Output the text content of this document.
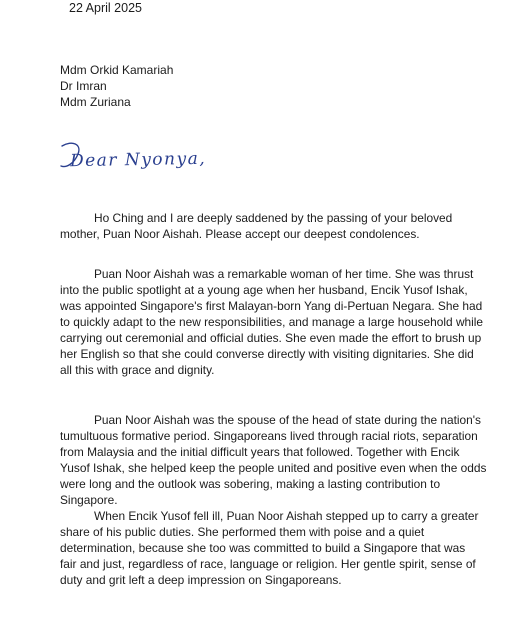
22 April 2025
Mdm Orkid Kamariah
Dr Imran
Mdm Zuriana
Dear Nyonya,

Ho Ching and I are deeply saddened by the passing of your beloved
mother, Puan Noor Aishah. Please accept our deepest condolences.

Puan Noor Aishah was a remarkable woman of her time. She was thrust
into the public spotlight at a young age when her husband, Encik Yusof Ishak,
was appointed Singapore's first Malayan-born Yang di-Pertuan Negara. She had
to quickly adapt to the new responsibilities, and manage a large household while
carrying out ceremonial and official duties. She even made the effort to brush up
her English so that she could converse directly with visiting dignitaries. She did
all this with grace and dignity.

Puan Noor Aishah was the spouse of the head of state during the nation's
tumultuous formative period. Singaporeans lived through racial riots, separation
from Malaysia and the initial difficult years that followed. Together with Encik
Yusof Ishak, she helped keep the people united and positive even when the odds
were long and the outlook was sobering, making a lasting contribution to
Singapore.

When Encik Yusof fell ill, Puan Noor Aishah stepped up to carry a greater
share of his public duties. She performed them with poise and a quiet
determination, because she too was committed to build a Singapore that was
fair and just, regardless of race, language or religion. Her gentle spirit, sense of
duty and grit left a deep impression on Singaporeans.
